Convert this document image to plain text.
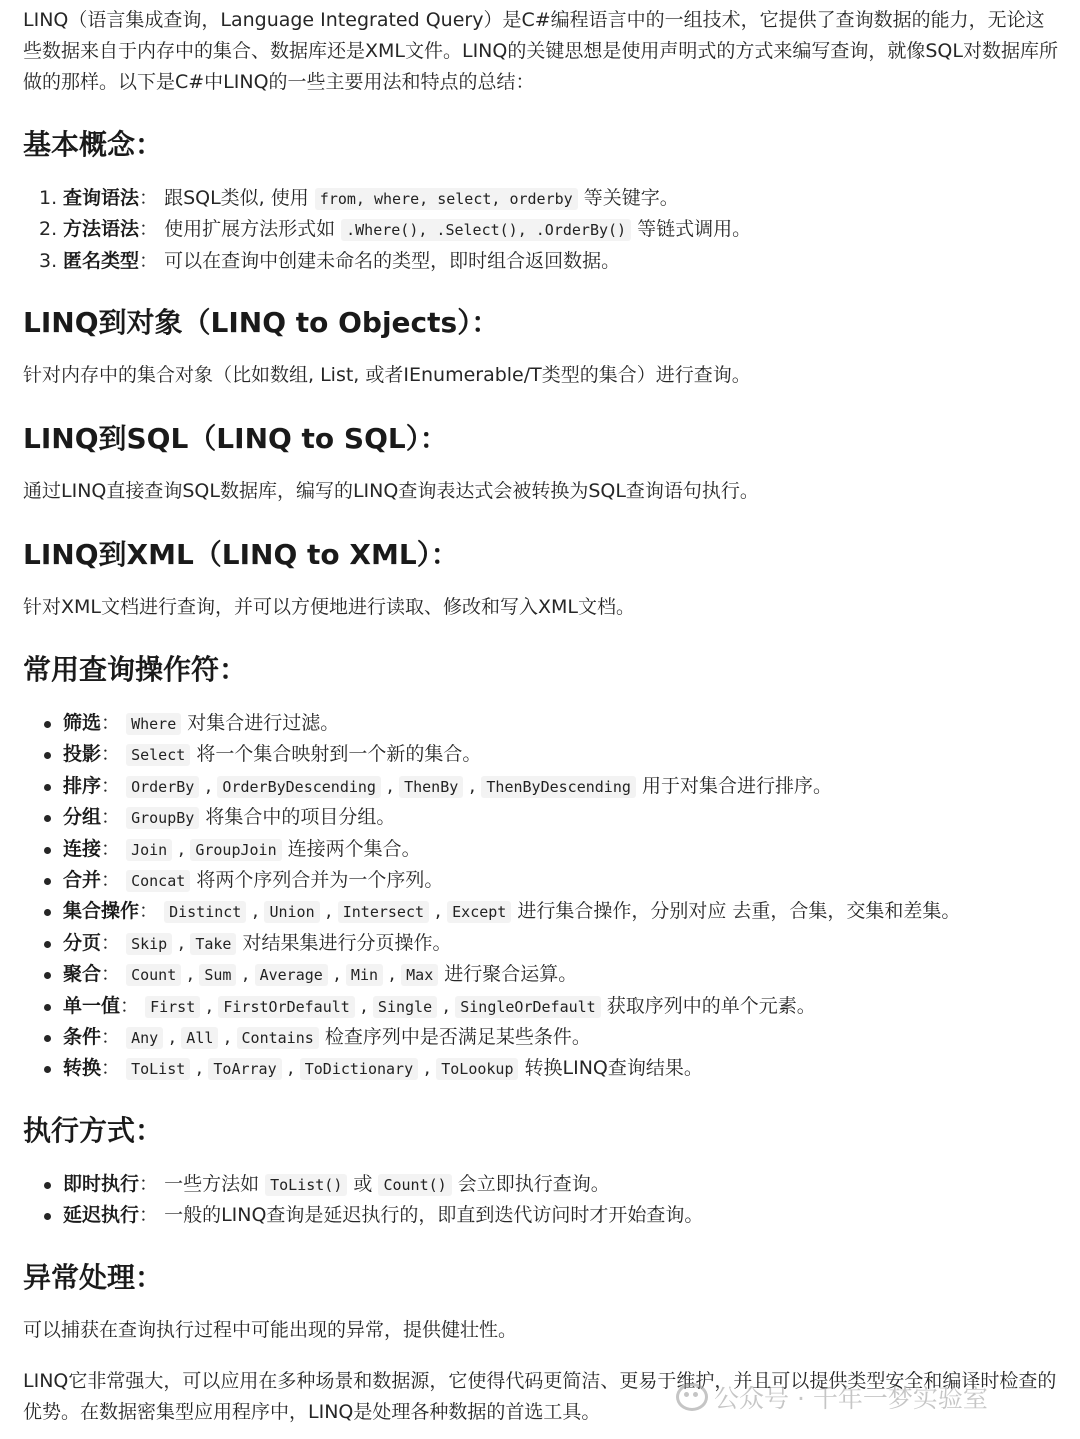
LINQ（语言集成查询，Language Integrated Query）是C#编程语言中的一组技术，它提供了查询数据的能力，无论这些数据来自于内存中的集合、数据库还是XML文件。LINQ的关键思想是使用声明式的方式来编写查询，就像SQL对数据库所做的那样。以下是C#中LINQ的一些主要用法和特点的总结：

基本概念：
1. 查询语法： 跟SQL类似, 使用 from, where, select, orderby 等关键字。
2. 方法语法： 使用扩展方法形式如 .Where(), .Select(), .OrderBy() 等链式调用。
3. 匿名类型： 可以在查询中创建未命名的类型，即时组合返回数据。
LINQ到对象（LINQ to Objects）：

针对内存中的集合对象（比如数组, List, 或者IEnumerable/T类型的集合）进行查询。

LINQ到SQL（LINQ to SQL）：

通过LINQ直接查询SQL数据库，编写的LINQ查询表达式会被转换为SQL查询语句执行。

LINQ到XML（LINQ to XML）：

针对XML文档进行查询，并可以方便地进行读取、修改和写入XML文档。

常用查询操作符：
筛选： Where 对集合进行过滤。
投影： Select 将一个集合映射到一个新的集合。
排序： OrderBy , OrderByDescending , ThenBy , ThenByDescending 用于对集合进行排序。
分组： GroupBy 将集合中的项目分组。
连接： Join , GroupJoin 连接两个集合。
合并： Concat 将两个序列合并为一个序列。
集合操作： Distinct , Union , Intersect , Except 进行集合操作，分别对应 去重，合集，交集和差集。
分页： Skip , Take 对结果集进行分页操作。
聚合： Count , Sum , Average , Min , Max 进行聚合运算。
单一值： First , FirstOrDefault , Single , SingleOrDefault 获取序列中的单个元素。
条件： Any , All , Contains 检查序列中是否满足某些条件。
转换： ToList , ToArray , ToDictionary , ToLookup 转换LINQ查询结果。
执行方式：
即时执行： 一些方法如 ToList() 或 Count() 会立即执行查询。
延迟执行： 一般的LINQ查询是延迟执行的，即直到迭代访问时才开始查询。
异常处理：

可以捕获在查询执行过程中可能出现的异常，提供健壮性。

LINQ它非常强大，可以应用在多种场景和数据源，它使得代码更简洁、更易于维护，并且可以提供类型安全和编译时检查的优势。在数据密集型应用程序中，LINQ是处理各种数据的首选工具。	公众号 · 千年一梦实验室
